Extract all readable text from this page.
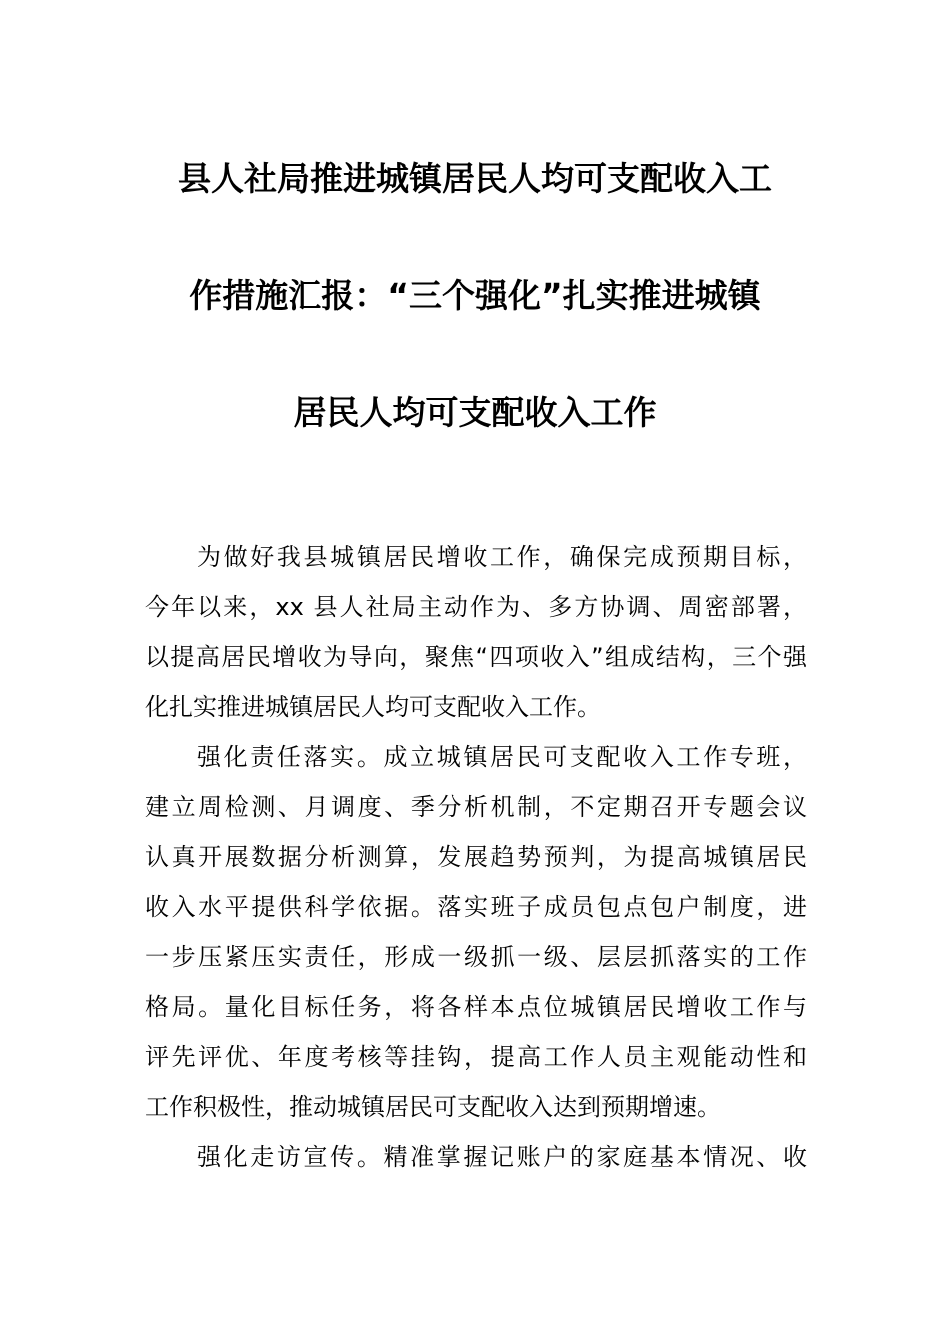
县人社局推进城镇居民人均可支配收入工
作措施汇报：“三个强化”扎实推进城镇
居民人均可支配收入工作

为做好我县城镇居民增收工作，确保完成预期目标，
今年以来，xx 县人社局主动作为、多方协调、周密部署，
以提高居民增收为导向，聚焦“四项收入”组成结构，三个强
化扎实推进城镇居民人均可支配收入工作。

强化责任落实。成立城镇居民可支配收入工作专班，
建立周检测、月调度、季分析机制，不定期召开专题会议
认真开展数据分析测算，发展趋势预判，为提高城镇居民
收入水平提供科学依据。落实班子成员包点包户制度，进
一步压紧压实责任，形成一级抓一级、层层抓落实的工作
格局。量化目标任务，将各样本点位城镇居民增收工作与
评先评优、年度考核等挂钩，提高工作人员主观能动性和
工作积极性，推动城镇居民可支配收入达到预期增速。

强化走访宣传。精准掌握记账户的家庭基本情况、收
